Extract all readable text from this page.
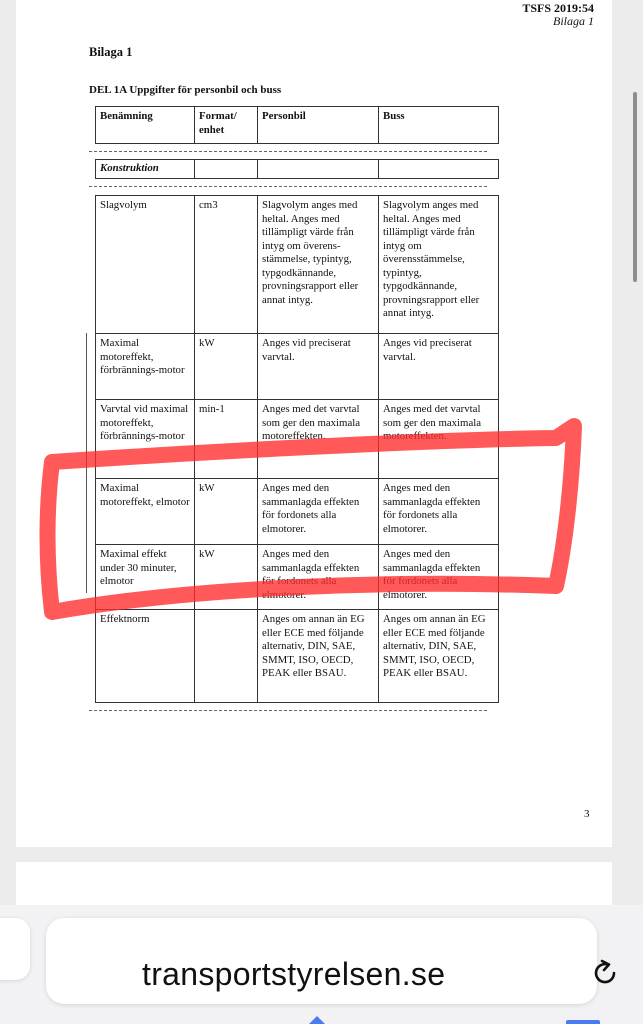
TSFS 2019:54
Bilaga 1
Bilaga 1
DEL 1A Uppgifter för personbil och buss
Benämning	Format/ enhet	Personbil	Buss
Konstruktion			
Slagvolym	cm3	Slagvolym anges med heltal. Anges med tillämpligt värde från intyg om överens-stämmelse, typintyg, typgodkännande, provningsrapport eller annat intyg.	Slagvolym anges med heltal. Anges med tillämpligt värde från intyg om överensstämmelse, typintyg, typgodkännande, provningsrapport eller annat intyg.
Maximal motoreffekt, förbrännings-motor	kW	Anges vid preciserat varvtal.	Anges vid preciserat varvtal.
Varvtal vid maximal motoreffekt, förbrännings-motor	min-1	Anges med det varvtal som ger den maximala motoreffekten.	Anges med det varvtal som ger den maximala motoreffekten.
Maximal motoreffekt, elmotor	kW	Anges med den sammanlagda effekten för fordonets alla elmotorer.	Anges med den sammanlagda effekten för fordonets alla elmotorer.
Maximal effekt under 30 minuter, elmotor	kW	Anges med den sammanlagda effekten för fordonets alla elmotorer.	Anges med den sammanlagda effekten för fordonets alla elmotorer.
Effektnorm		Anges om annan än EG eller ECE med följande alternativ, DIN, SAE, SMMT, ISO, OECD, PEAK eller BSAU.	Anges om annan än EG eller ECE med följande alternativ, DIN, SAE, SMMT, ISO, OECD, PEAK eller BSAU.
3
transportstyrelsen.se
